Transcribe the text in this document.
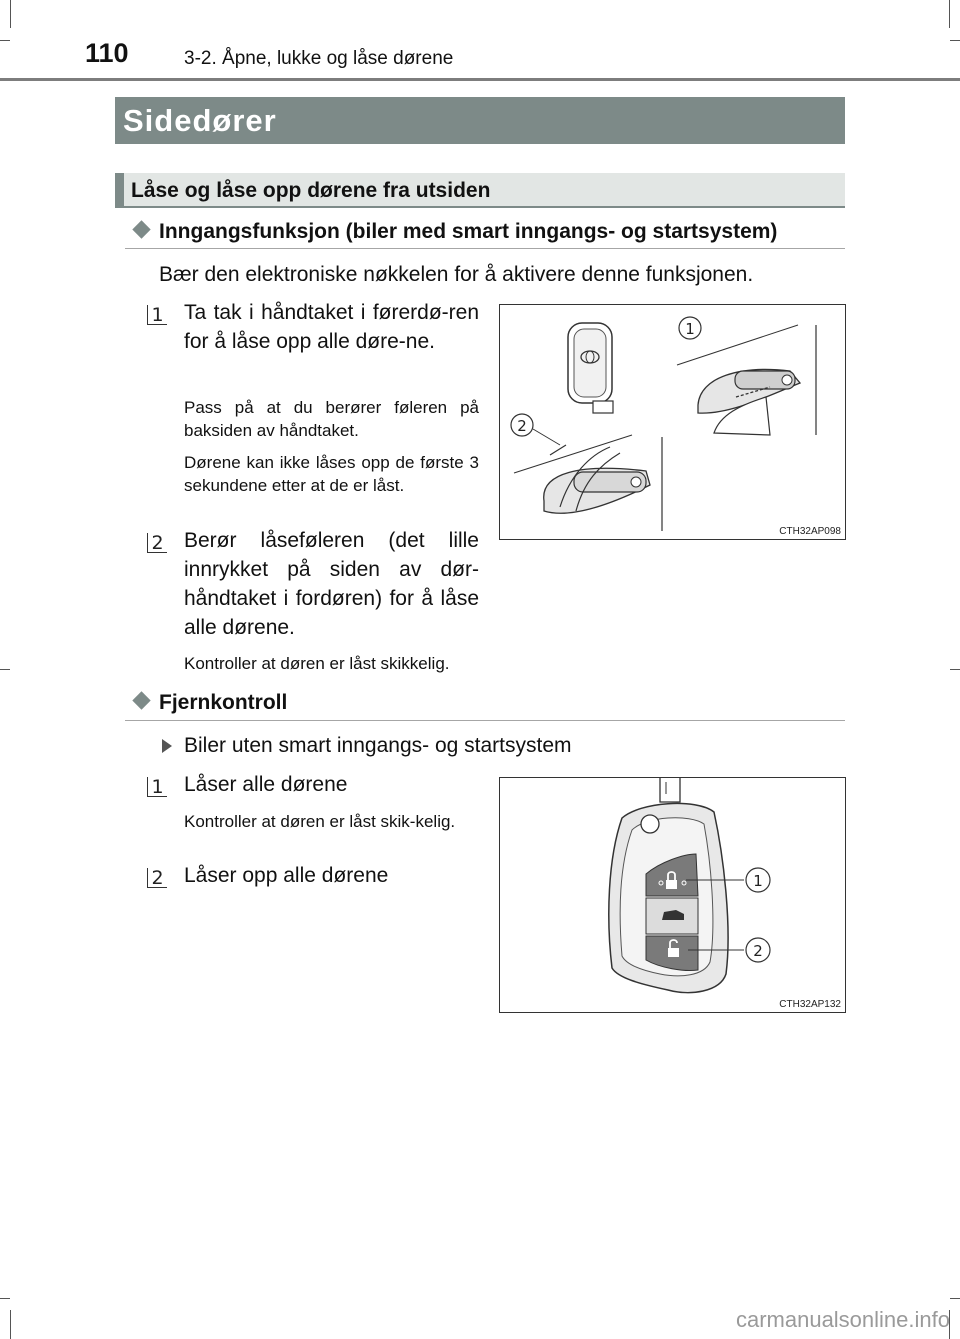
110	3-2. Åpne, lukke og låse dørene
Sidedører
Låse og låse opp dørene fra utsiden
Inngangsfunksjon (biler med smart inngangs- og startsystem)
Bær den elektroniske nøkkelen for å aktivere denne funksjonen.
1 Ta tak i håndtaket i førerdø-ren for å låse opp alle døre-ne.
Pass på at du berører føleren på baksiden av håndtaket.
Dørene kan ikke låses opp de første 3 sekundene etter at de er låst.
2 Berør låseføleren (det lille innrykket på siden av dør-håndtaket i fordøren) for å låse alle dørene.
Kontroller at døren er låst skikkelig.
1
2
CTH32AP098
Fjernkontroll
Biler uten smart inngangs- og startsystem
1 Låser alle dørene
Kontroller at døren er låst skik-kelig.
2 Låser opp alle dørene	1
2
CTH32AP132
carmanualsonline.info
